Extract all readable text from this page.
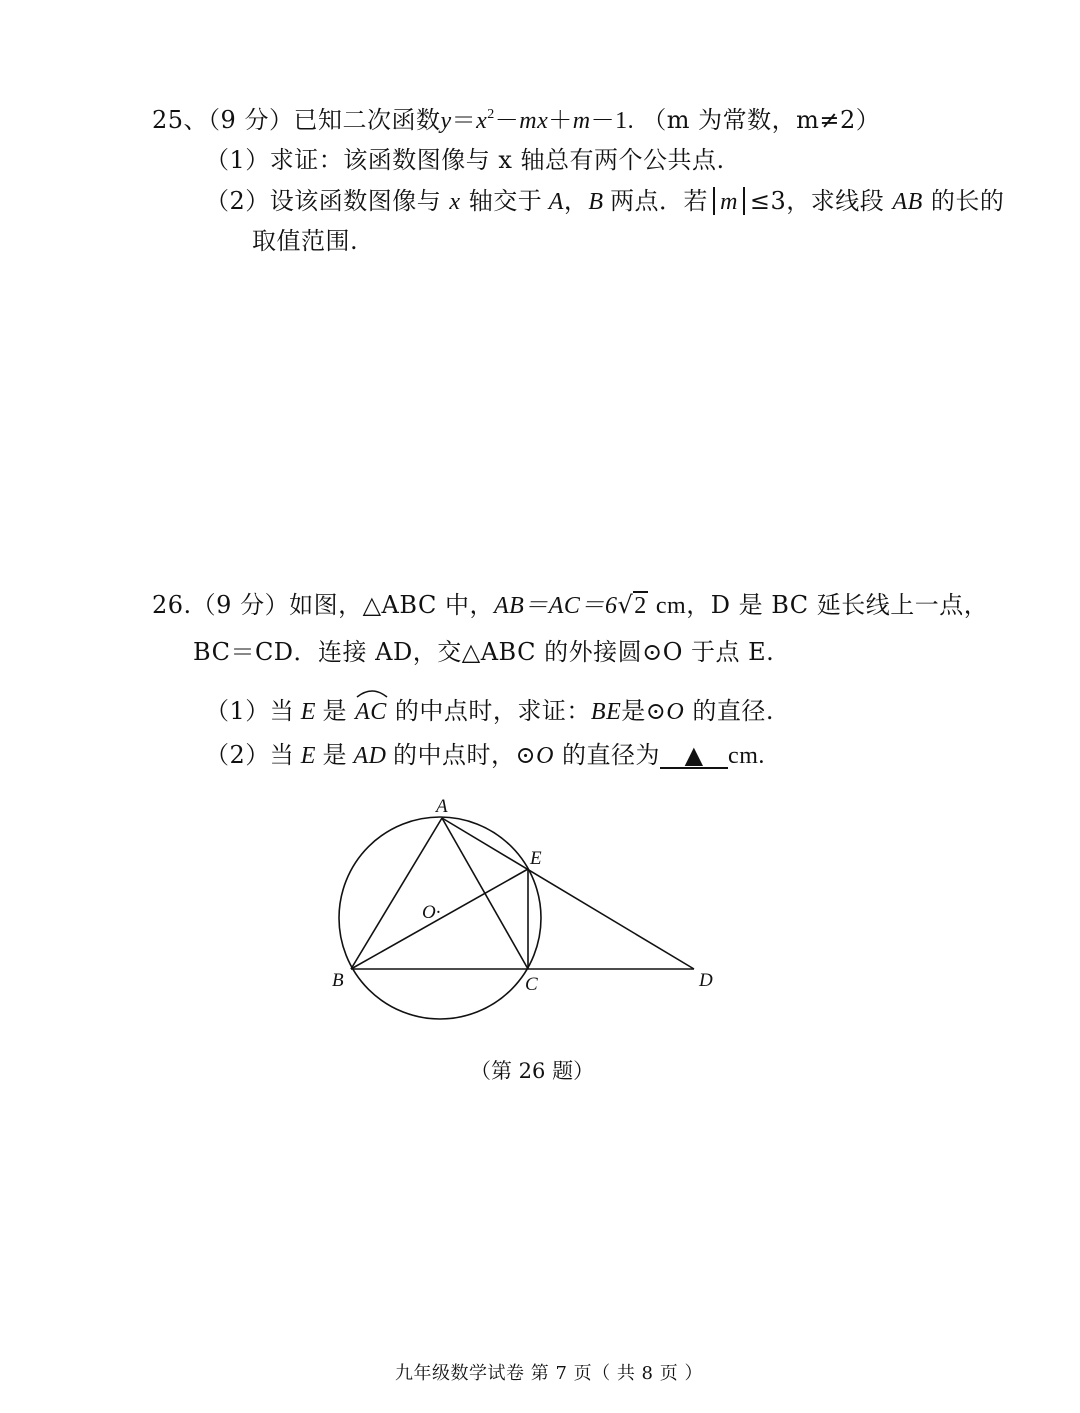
25、（9 分）已知二次函数$y=x^2-mx+m-1$. （m 为常数，m≠2）
（1）求证：该函数图像与 x 轴总有两个公共点.
（2）设该函数图像与 x 轴交于 A，B 两点．若 m ≤3，求线段 AB 的长的
取值范围.
26.（9 分）如图，△ABC 中，AB＝AC＝6√2 cm，D 是 BC 延长线上一点，
BC＝CD．连接 AD，交△ABC 的外接圆⊙O 于点 E.
（1）当 E 是 AC 的中点时，求证：BE是⊙O 的直径.
（2）当 E 是 AD 的中点时，⊙O 的直径为 ▲ cm.
A
E
O·
B	C	D
（第 26 题）
九年级数学试卷 第 7 页（ 共 8 页 ）
